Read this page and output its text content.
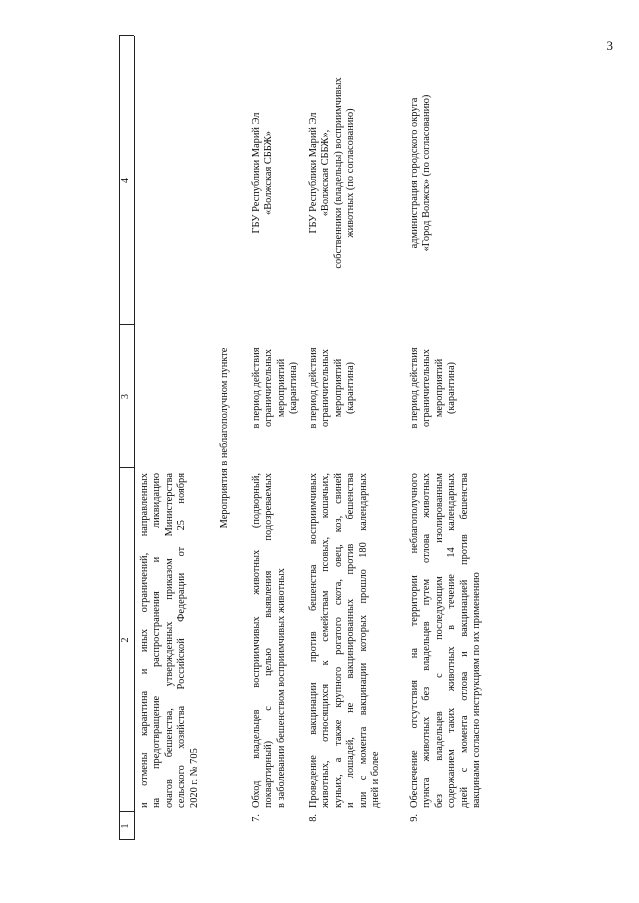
3
1
2
3
4
и отмены карантина и иных ограничений, направленных на предотвращение распространения и ликвидацию очагов бешенства, утвержденных приказом Министерства сельского хозяйства Российской Федерации от 25 ноября 2020 г. № 705
Мероприятия в неблагополучном пункте
7.
Обход владельцев восприимчивых животных (подворный, поквартирный) с целью выявления подозреваемых в заболевании бешенством восприимчивых животных
в период действия ограничительных мероприятий (карантина)
ГБУ Республики Марий Эл «Волжская СББЖ»
8.
Проведение вакцинации против бешенства восприимчивых животных, относящихся к семействам псовых, кошачьих, куньих, а также крупного рогатого скота, овец, коз, свиней и лошадей, не вакцинированных против бешенства или с момента вакцинации которых прошло 180 календарных дней и более
в период действия ограничительных мероприятий (карантина)
ГБУ Республики Марий Эл «Волжская СББЖ», собственники (владельцы) восприимчивых животных (по согласованию)
9.
Обеспечение отсутствия на территории неблагополучного пункта животных без владельцев путем отлова животных без владельцев с последующим изолированным содержанием таких животных в течение 14 календарных дней с момента отлова и вакцинацией против бешенства вакцинами согласно инструкциям по их применению
в период действия ограничительных мероприятий (карантина)
администрация городского округа «Город Волжск» (по согласованию)
